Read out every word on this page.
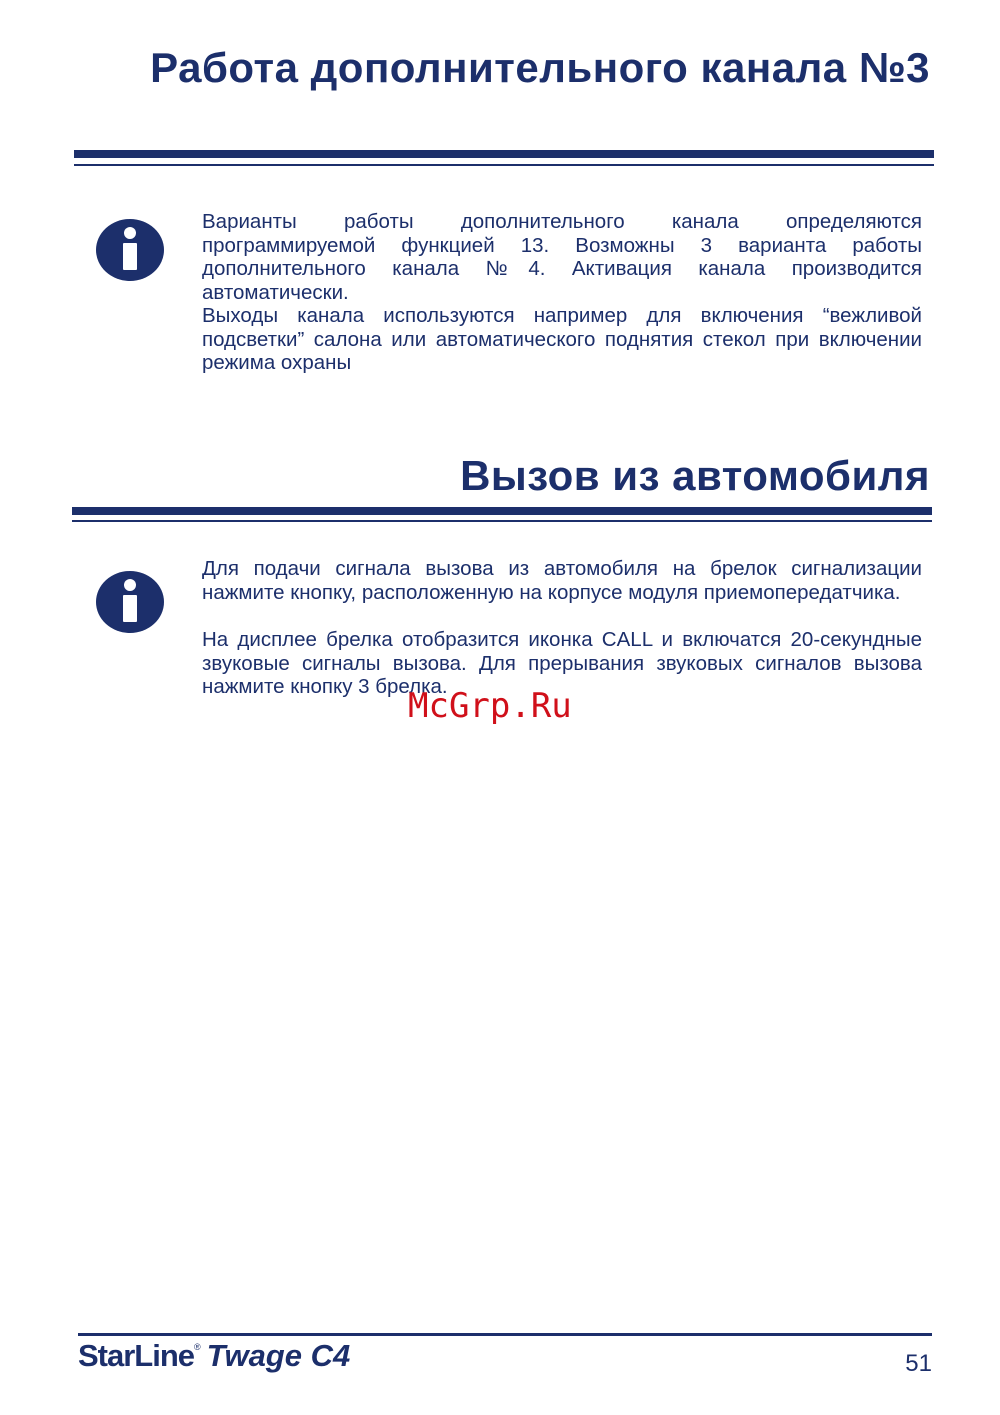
Работа дополнительного канала №3

Варианты работы дополнительного канала определяются программируемой функцией 13. Возможны 3 варианта работы дополнительного канала №4. Активация канала производится автоматически.

Выходы канала используются например для включения “вежливой подсветки” салона или автоматического поднятия стекол при включении режима охраны

Вызов из автомобиля

Для подачи сигнала вызова из автомобиля на брелок сигнализации нажмите кнопку, расположенную на корпусе модуля приемопередатчика.

На дисплее брелка отобразится иконка CALL и включатся 20-секундные звуковые сигналы вызова. Для прерывания звуковых сигналов вызова нажмите кнопку 3 брелка.

McGrp.Ru
StarLine® Twage C4	51
